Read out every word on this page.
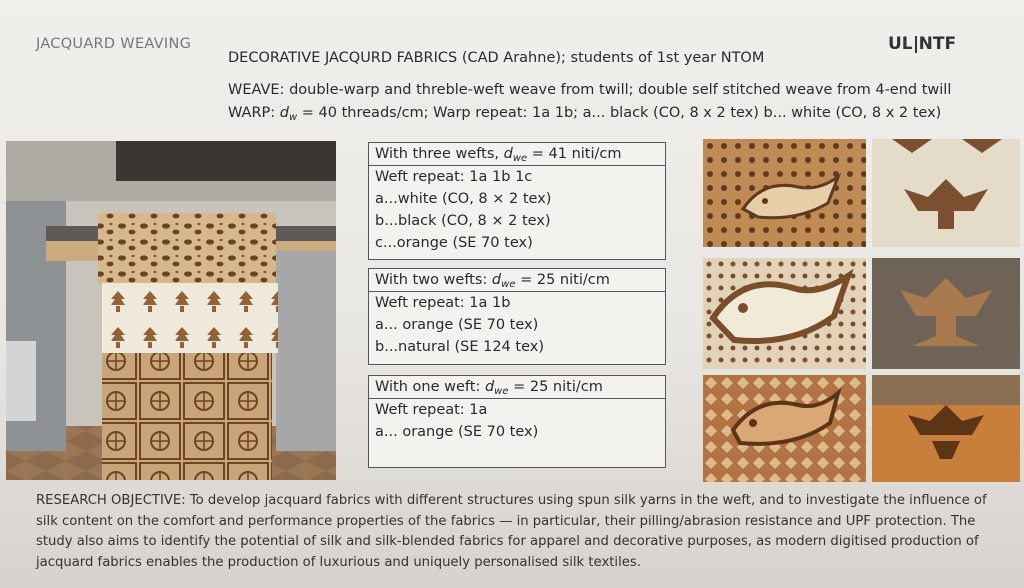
JACQUARD WEAVING	UL NTF
DECORATIVE JACQURD FABRICS (CAD Arahne); students of 1st year NTOM
WEAVE: double-warp and threble-weft weave from twill; double self stitched weave from 4-end twill
WARP: $d_w = 40$ threads/cm; Warp repeat: 1a 1b; a... black (CO, 8 x 2 tex) b... white (CO, 8 x 2 tex)
With three wefts, $d_{we} = 41$ niti/cm
Weft repeat: 1a 1b 1c
a...white (CO, 8 × 2 tex)
b...black (CO, 8 × 2 tex)
c...orange (SE 70 tex)
With two wefts: $d_{we} = 25$ niti/cm
Weft repeat: 1a 1b
a... orange (SE 70 tex)
b...natural (SE 124 tex)
With one weft: $d_{we} = 25$ niti/cm
Weft repeat: 1a
a... orange (SE 70 tex)
RESEARCH OBJECTIVE: To develop jacquard fabrics with different structures using spun silk yarns in the weft, and to investigate the influence of silk content on the comfort and performance properties of the fabrics — in particular, their pilling/abrasion resistance and UPF protection. The study also aims to identify the potential of silk and silk-blended fabrics for apparel and decorative purposes, as modern digitised production of jacquard fabrics enables the production of luxurious and uniquely personalised silk textiles.
